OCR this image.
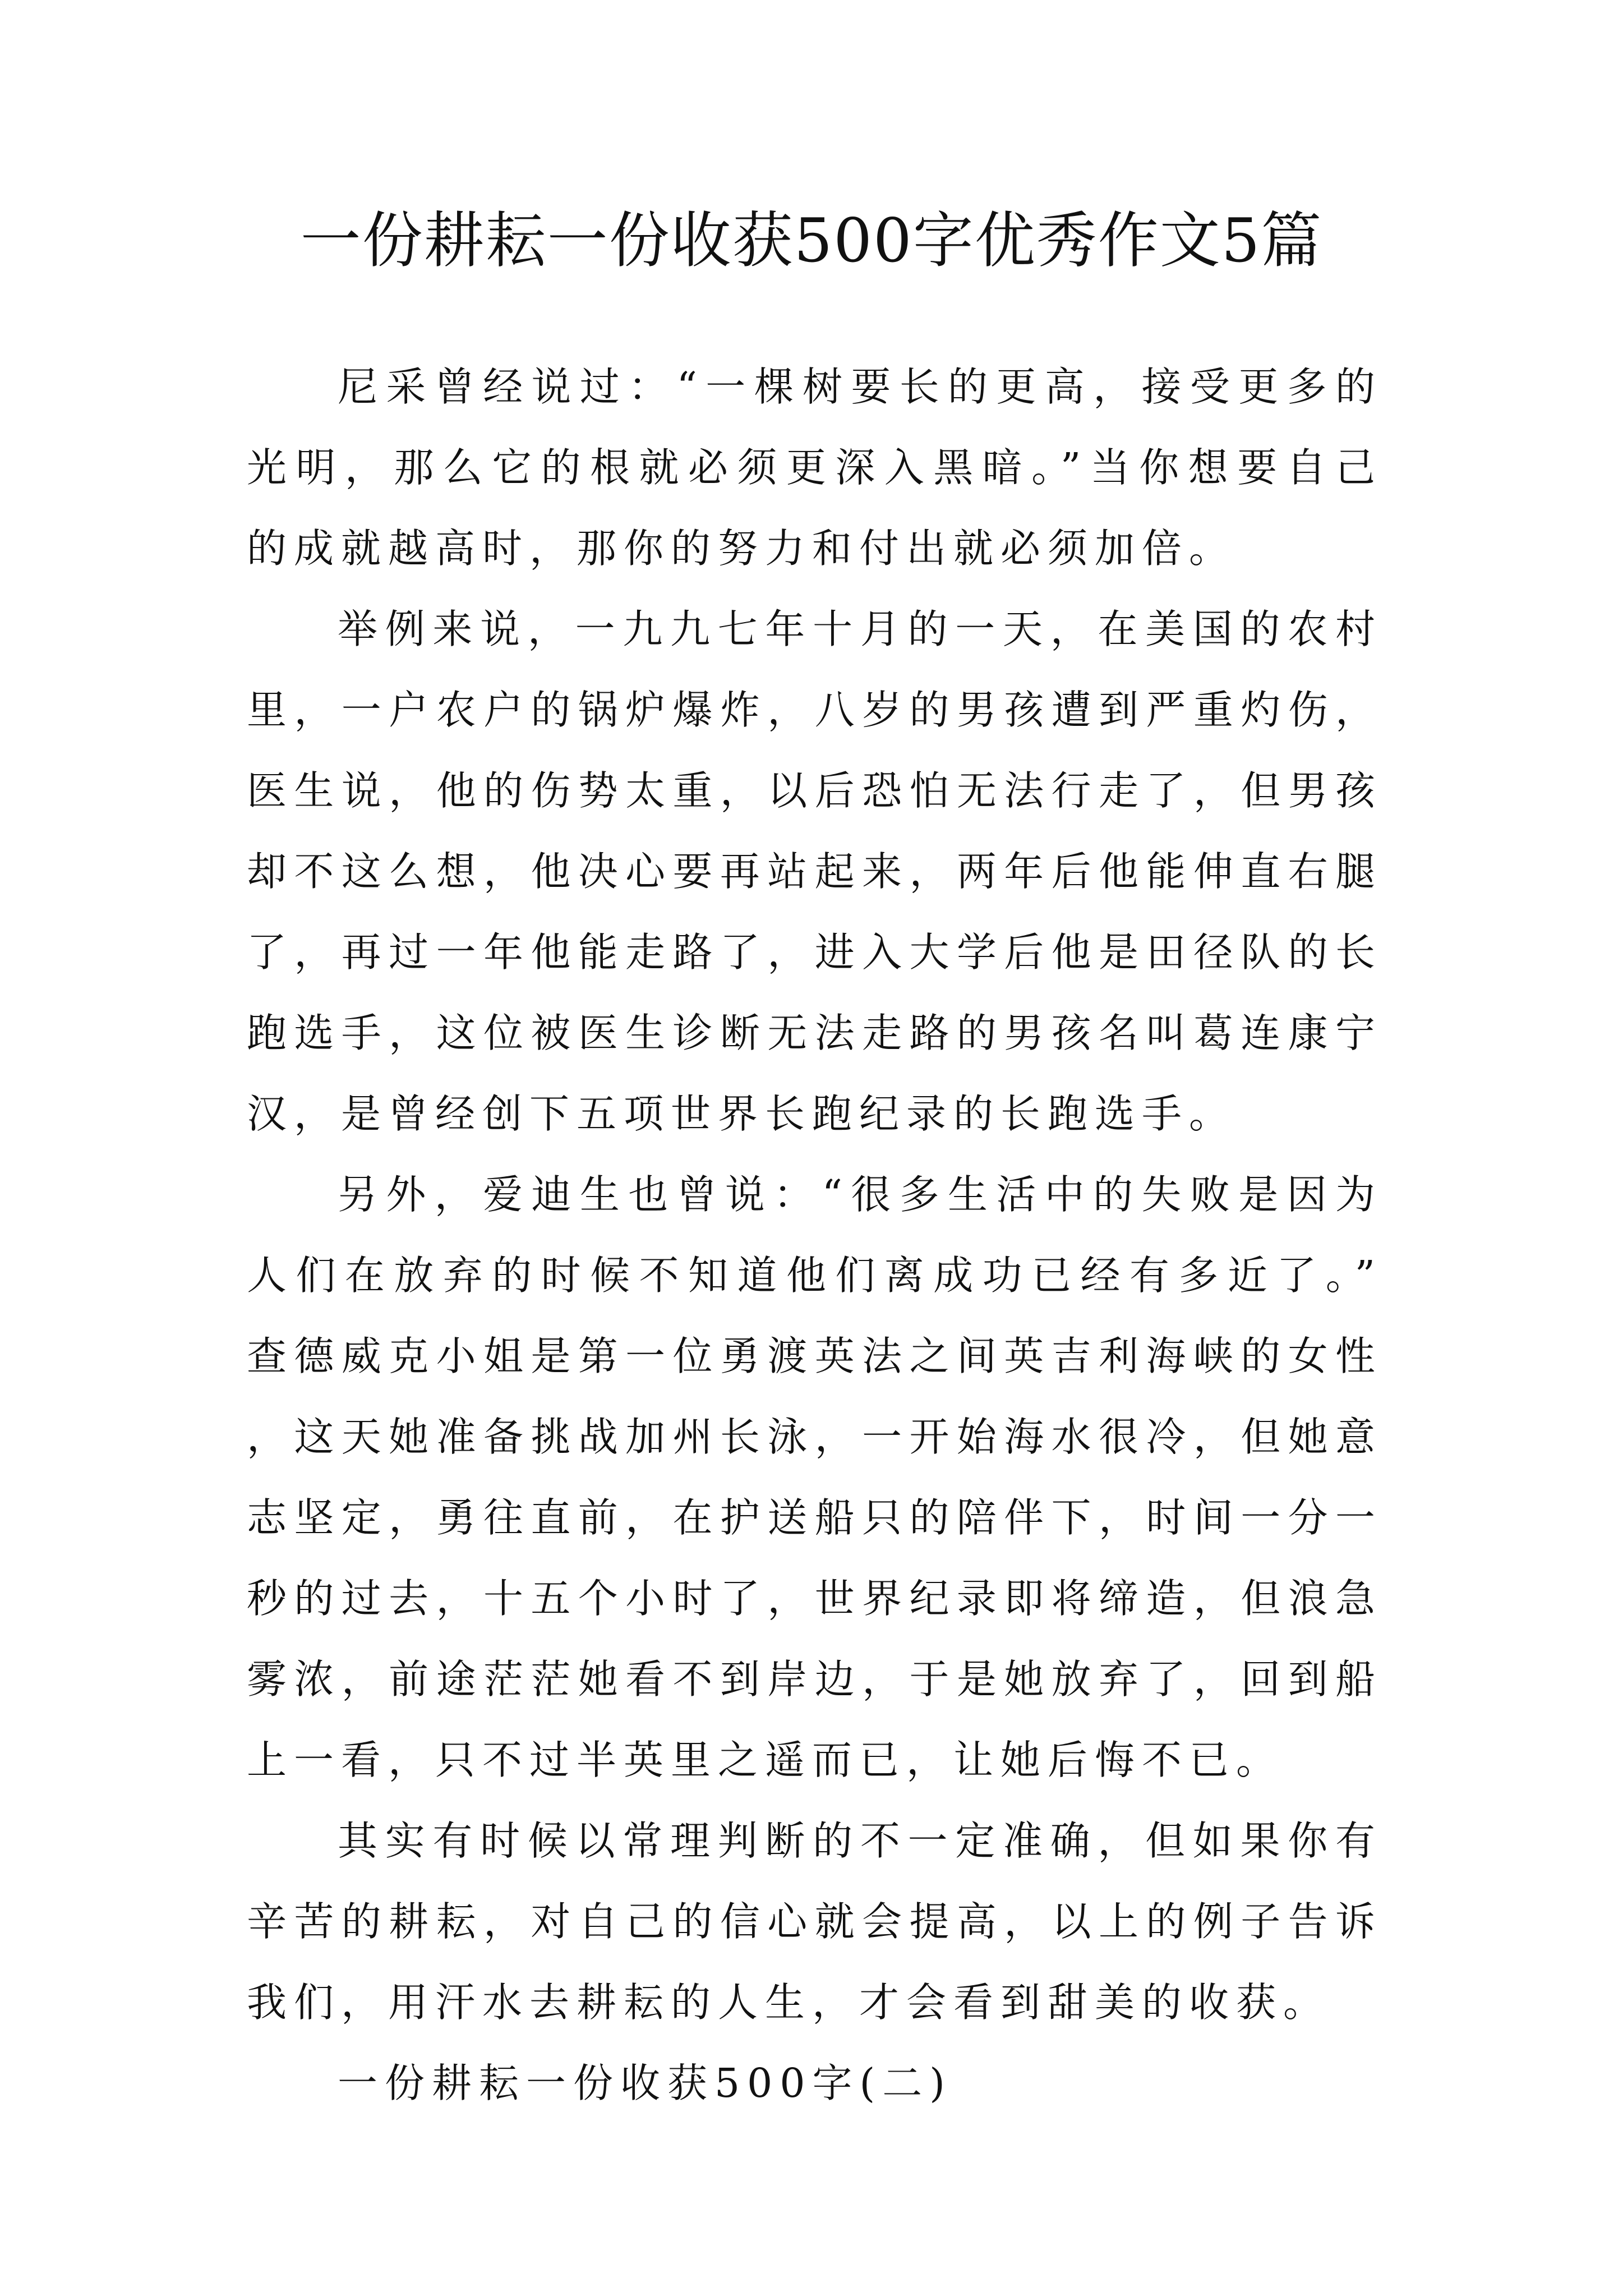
一份耕耘一份收获500字优秀作文5篇

尼采曾经说过：“一棵树要长的更高，接受更多的光明，那么它的根就必须更深入黑暗。”当你想要自己的成就越高时，那你的努力和付出就必须加倍。

举例来说，一九九七年十月的一天，在美国的农村里，一户农户的锅炉爆炸，八岁的男孩遭到严重灼伤，医生说，他的伤势太重，以后恐怕无法行走了，但男孩却不这么想，他决心要再站起来，两年后他能伸直右腿了，再过一年他能走路了，进入大学后他是田径队的长跑选手，这位被医生诊断无法走路的男孩名叫葛连康宁汉，是曾经创下五项世界长跑纪录的长跑选手。

另外，爱迪生也曾说：“很多生活中的失败是因为人们在放弃的时候不知道他们离成功已经有多近了。”查德威克小姐是第一位勇渡英法之间英吉利海峡的女性，这天她准备挑战加州长泳，一开始海水很冷，但她意志坚定，勇往直前，在护送船只的陪伴下，时间一分一秒的过去，十五个小时了，世界纪录即将缔造，但浪急雾浓，前途茫茫她看不到岸边，于是她放弃了，回到船上一看，只不过半英里之遥而已，让她后悔不已。

其实有时候以常理判断的不一定准确，但如果你有辛苦的耕耘，对自己的信心就会提高，以上的例子告诉我们，用汗水去耕耘的人生，才会看到甜美的收获。

一份耕耘一份收获500字(二)
